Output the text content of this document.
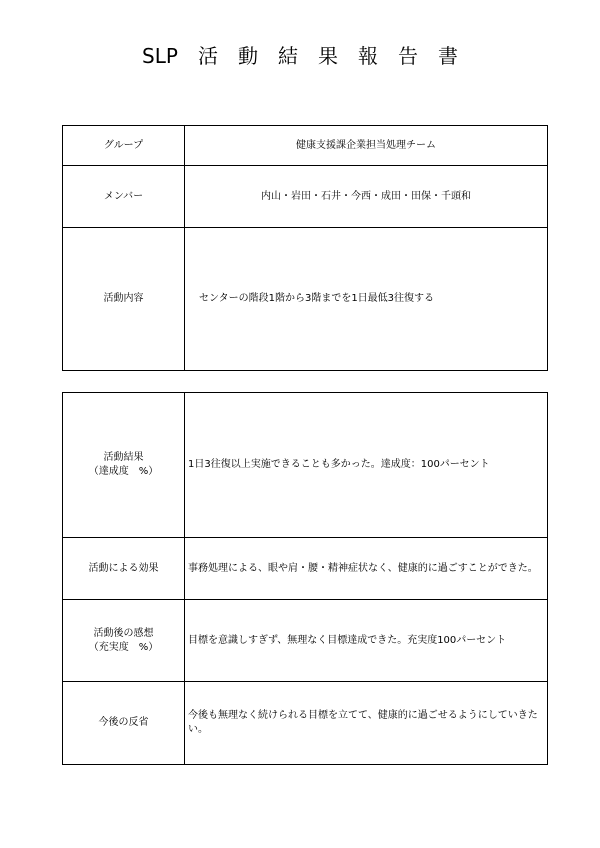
SLP　活　動　結　果　報　告　書
グループ	健康支援課企業担当処理チーム
メンバー	内山・岩田・石井・今西・成田・田保・千頭和
活動内容	センターの階段1階から3階までを1日最低3往復する
活動結果
（達成度　%）	1日3往復以上実施できることも多かった。達成度：100パーセント
活動による効果	事務処理による、眼や肩・腰・精神症状なく、健康的に過ごすことができた。
活動後の感想
（充実度　%）	目標を意識しすぎず、無理なく目標達成できた。充実度100パーセント
今後の反省	今後も無理なく続けられる目標を立てて、健康的に過ごせるようにしていきたい。
